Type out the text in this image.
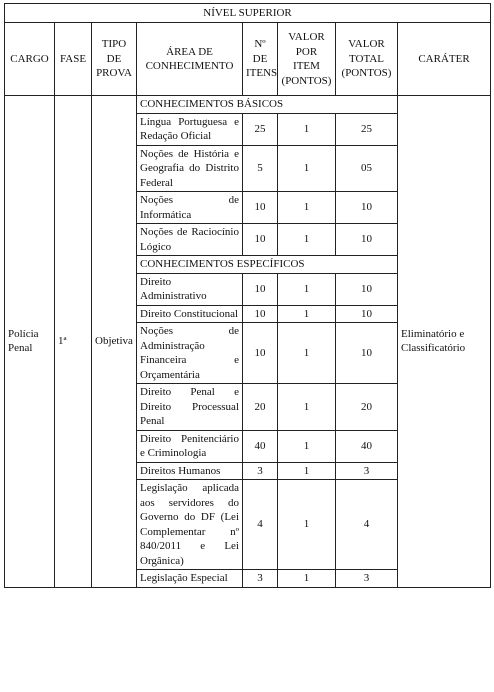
NÍVEL SUPERIOR							
CARGO	FASE	TIPO DE PROVA	ÁREA DE CONHECIMENTO	Nº DE ITENS	VALOR POR ITEM (PONTOS)	VALOR TOTAL (PONTOS)	CARÁTER
Polícia Penal	1ª	Objetiva	CONHECIMENTOS BÁSICOS				Eliminatório e Classificatório
			Língua Portuguesa e Redação Oficial	25	1	25	
			Noções de História e Geografia do Distrito Federal	5	1	05	
			Noções de Informática	10	1	10	
			Noções de Raciocínio Lógico	10	1	10	
			CONHECIMENTOS ESPECÍFICOS				
			Direito Administrativo	10	1	10	
			Direito Constitucional	10	1	10	
			Noções de Administração Financeira e Orçamentária	10	1	10	
			Direito Penal e Direito Processual Penal	20	1	20	
			Direito Penitenciário e Criminologia	40	1	40	
			Direitos Humanos	3	1	3	
			Legislação aplicada aos servidores do Governo do DF (Lei Complementar nº 840/2011 e Lei Orgânica)	4	1	4	
			Legislação Especial	3	1	3	
